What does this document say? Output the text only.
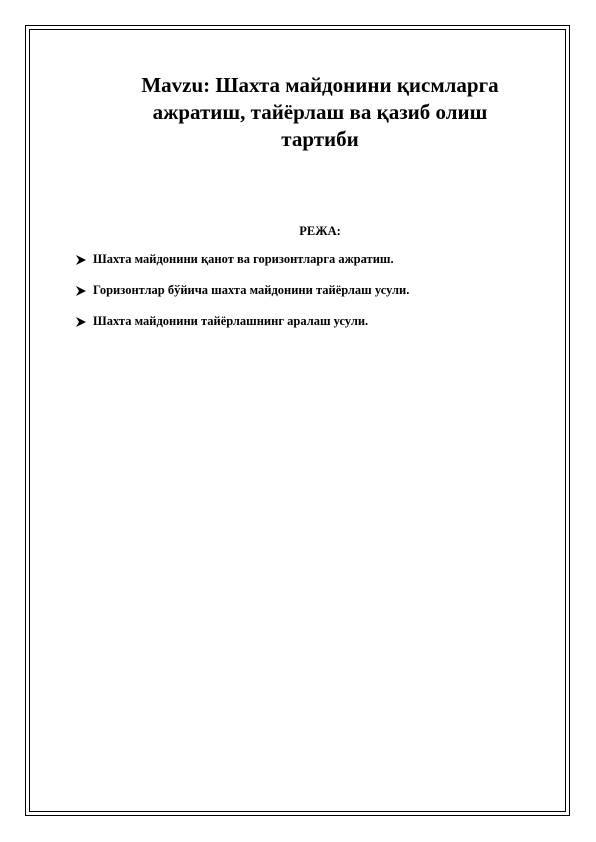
Mavzu: Шахта майдонини қисмларга
ажратиш, тайёрлаш ва қазиб олиш
тартиби

РЕЖА:

Шахта майдонини қанот ва горизонтларга ажратиш.
Горизонтлар бўйича шахта майдонини тайёрлаш усули.
Шахта майдонини тайёрлашнинг аралаш усули.
